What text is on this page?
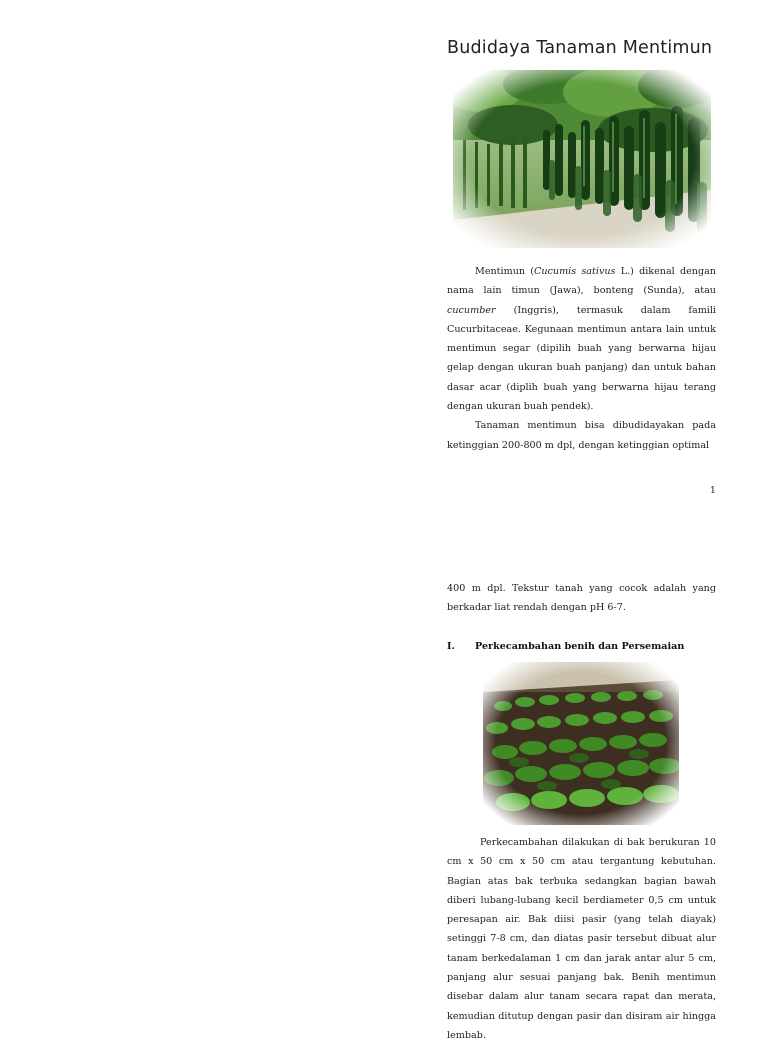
Budidaya Tanaman Mentimun

Mentimun (Cucumis sativus L.) dikenal dengan nama lain timun (Jawa), bonteng (Sunda), atau cucumber (Inggris), termasuk dalam famili Cucurbitaceae. Kegunaan mentimun antara lain untuk mentimun segar (dipilih buah yang berwarna hijau gelap dengan ukuran buah panjang) dan untuk bahan dasar acar (diplih buah yang berwarna hijau terang dengan ukuran buah pendek).

Tanaman mentimun bisa dibudidayakan pada ketinggian 200-800 m dpl, dengan ketinggian optimal

1

400 m dpl. Tekstur tanah yang cocok adalah yang berkadar liat rendah dengan pH 6-7.

I. Perkecambahan benih dan Persemaian

Perkecambahan dilakukan di bak berukuran 10 cm x 50 cm x 50 cm atau tergantung kebutuhan. Bagian atas bak terbuka sedangkan bagian bawah diberi lubang-lubang kecil berdiameter 0,5 cm untuk peresapan air. Bak diisi pasir (yang telah diayak) setinggi 7-8 cm, dan diatas pasir tersebut dibuat alur tanam berkedalaman 1 cm dan jarak antar alur 5 cm, panjang alur sesuai panjang bak. Benih mentimun disebar dalam alur tanam secara rapat dan merata, kemudian ditutup dengan pasir dan disiram air hingga lembab.
